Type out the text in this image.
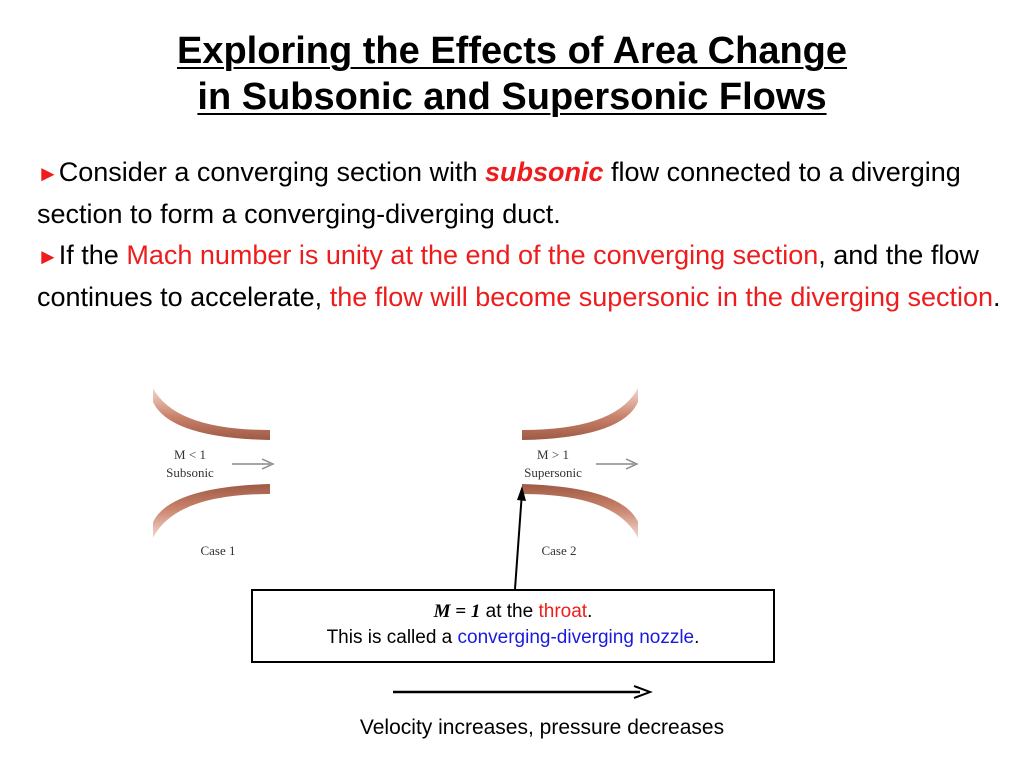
Exploring the Effects of Area Change
in Subsonic and Supersonic Flows
►Consider a converging section with subsonic flow connected to a diverging section to form a converging-diverging duct.
►If the Mach number is unity at the end of the converging section, and the flow continues to accelerate, the flow will become supersonic in the diverging section.
M < 1
Subsonic
Case 1
M > 1
Supersonic
Case 2
M = 1 at the throat.
This is called a converging-diverging nozzle.
Velocity increases, pressure decreases
